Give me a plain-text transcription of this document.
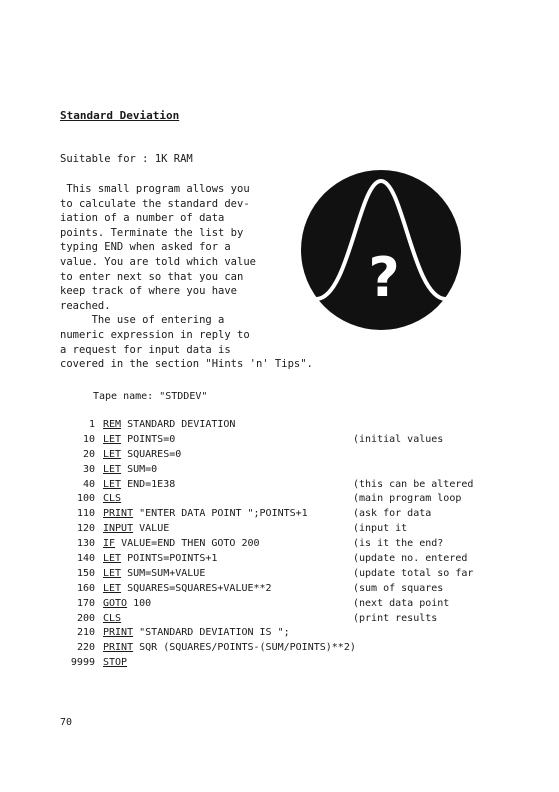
Standard Deviation
Suitable for : 1K RAM
This small program allows you
to calculate the standard dev-
iation of a number of data
points. Terminate the list by
typing END when asked for a
value. You are told which value
to enter next so that you can
keep track of where you have
reached.
The use of entering a
numeric expression in reply to
a request for input data is
covered in the section "Hints 'n' Tips".
?
Tape name: "STDDEV"
1 REM STANDARD DEVIATION
10 LET POINTS=0	(initial values
20 LET SQUARES=0
30 LET SUM=0
40 LET END=1E38	(this can be altered
100 CLS	(main program loop
110 PRINT "ENTER DATA POINT ";POINTS+1	(ask for data
120 INPUT VALUE	(input it
130 IF VALUE=END THEN GOTO 200	(is it the end?
140 LET POINTS=POINTS+1	(update no. entered
150 LET SUM=SUM+VALUE	(update total so far
160 LET SQUARES=SQUARES+VALUE**2	(sum of squares
170 GOTO 100	(next data point
200 CLS	(print results
210 PRINT "STANDARD DEVIATION IS ";
220 PRINT SQR (SQUARES/POINTS-(SUM/POINTS)**2)
9999 STOP
70
